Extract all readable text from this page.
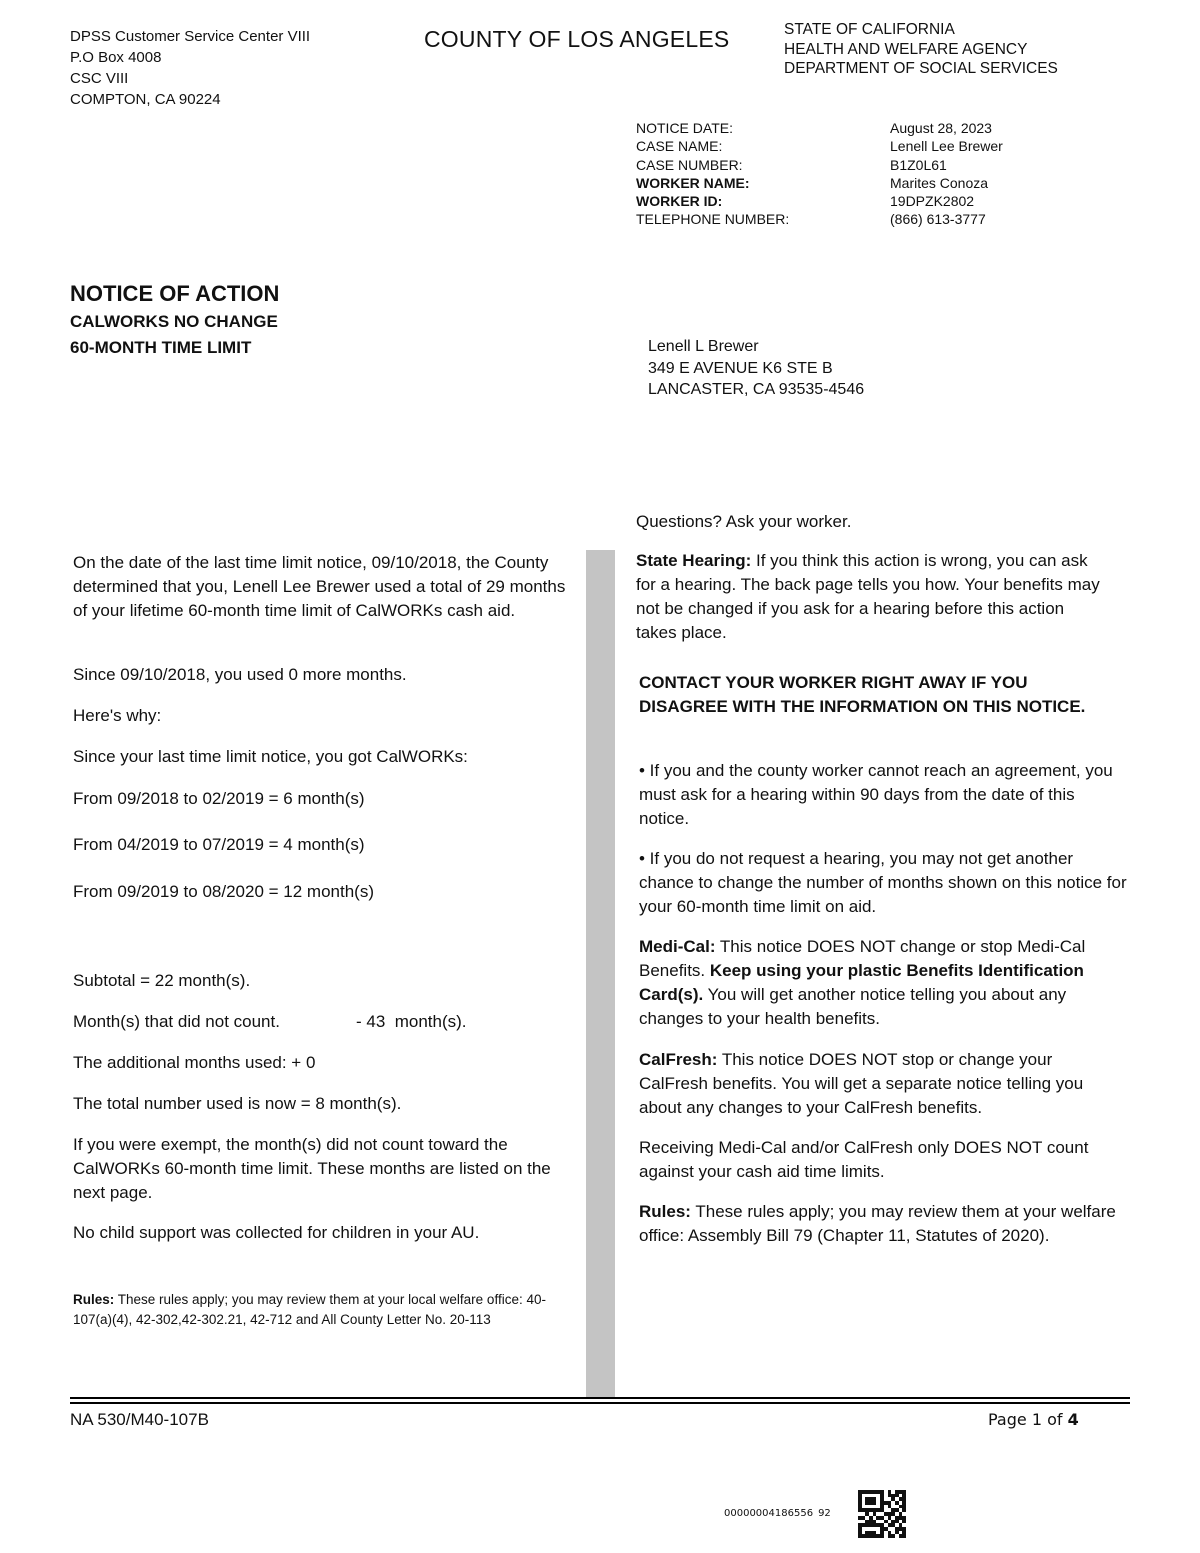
DPSS Customer Service Center VIII
P.O Box 4008
CSC VIII
COMPTON, CA 90224
COUNTY OF LOS ANGELES	STATE OF CALIFORNIA
HEALTH AND WELFARE AGENCY
DEPARTMENT OF SOCIAL SERVICES
NOTICE DATE:	August 28, 2023
CASE NAME:	Lenell Lee Brewer
CASE NUMBER:	B1Z0L61
WORKER NAME:	Marites Conoza
WORKER ID:	19DPZK2802
TELEPHONE NUMBER:	(866) 613-3777
NOTICE OF ACTION
CALWORKS NO CHANGE
60-MONTH TIME LIMIT	Lenell L Brewer
349 E AVENUE K6 STE B
LANCASTER, CA 93535-4546
Questions? Ask your worker.

On the date of the last time limit notice, 09/10/2018, the County determined that you, Lenell Lee Brewer used a total of 29 months of your lifetime 60-month time limit of CalWORKs cash aid.

Since 09/10/2018, you used 0 more months.

Here's why:

Since your last time limit notice, you got CalWORKs:

From 09/2018 to 02/2019 = 6 month(s)

From 04/2019 to 07/2019 = 4 month(s)

From 09/2019 to 08/2020 = 12 month(s)

Subtotal = 22 month(s).

Month(s) that did not count.	- 43  month(s).

The additional months used: + 0

The total number used is now = 8 month(s).

If you were exempt, the month(s) did not count toward the CalWORKs 60-month time limit. These months are listed on the next page.

No child support was collected for children in your AU.

Rules: These rules apply; you may review them at your local welfare office: 40-107(a)(4), 42-302,42-302.21, 42-712 and All County Letter No. 20-113

State Hearing: If you think this action is wrong, you can ask for a hearing. The back page tells you how. Your benefits may not be changed if you ask for a hearing before this action takes place.

CONTACT YOUR WORKER RIGHT AWAY IF YOU DISAGREE WITH THE INFORMATION ON THIS NOTICE.

• If you and the county worker cannot reach an agreement, you must ask for a hearing within 90 days from the date of this notice.

• If you do not request a hearing, you may not get another chance to change the number of months shown on this notice for your 60-month time limit on aid.

Medi-Cal: This notice DOES NOT change or stop Medi-Cal Benefits. Keep using your plastic Benefits Identification Card(s). You will get another notice telling you about any changes to your health benefits.

CalFresh: This notice DOES NOT stop or change your CalFresh benefits. You will get a separate notice telling you about any changes to your CalFresh benefits.

Receiving Medi-Cal and/or CalFresh only DOES NOT count against your cash aid time limits.

Rules: These rules apply; you may review them at your welfare office: Assembly Bill 79 (Chapter 11, Statutes of 2020).

NA 530/M40-107B	Page 1 of 4
00000004186556 92
